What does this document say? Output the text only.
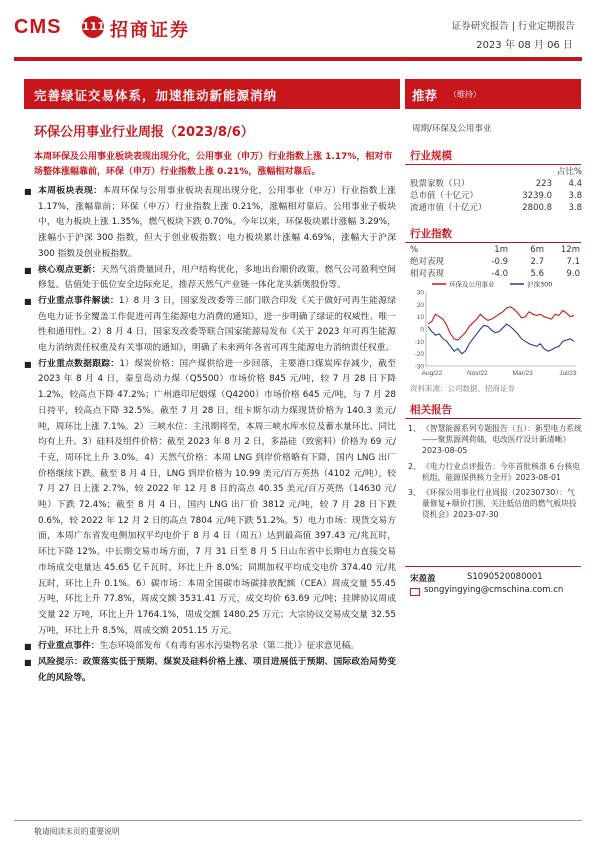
CMS 111 招商证券	证券研究报告 | 行业定期报告
2023 年 08 月 06 日
完善绿证交易体系，加速推动新能源消纳	推荐 （维持）
环保公用事业行业周报（2023/8/6）
本周环保及公用事业板块表现出现分化，公用事业（申万）行业指数上涨 1.17%，相对市场整体涨幅靠前，环保（申万）行业指数上涨 0.21%，涨幅相对靠后。
■ 本周板块表现：本周环保与公用事业板块表现出现分化，公用事业（申万）行业指数上涨 1.17%，涨幅靠前；环保（申万）行业指数上涨 0.21%，涨幅相对靠后。公用事业子板块中，电力板块上涨 1.35%，燃气板块下跌 0.70%。今年以来，环保板块累计涨幅 3.29%，涨幅小于沪深 300 指数，但大于创业板指数；电力板块累计涨幅 4.69%，涨幅大于沪深 300 指数及创业板指数。
■ 核心观点更新：天然气消费量回升，用户结构优化，多地出台顺价政策，燃气公司盈利空间修复。估值处于低位安全边际充足，推荐天然气产业链一体化龙头新奥股份等。
■ 行业重点事件解读：1）8 月 3 日，国家发改委等三部门联合印发《关于做好可再生能源绿色电力证书全覆盖工作促进可再生能源电力消费的通知》，进一步明确了绿证的权威性、唯一性和通用性。2）8 月 4 日，国家发改委等联合国家能源局发布《关于 2023 年可再生能源电力消纳责任权重及有关事项的通知》，明确了未来两年各省可再生能源电力消纳责任权重。
■ 行业重点数据跟踪：1）煤炭价格：国产煤供给进一步回落，主要港口煤炭库存减少，截至 2023 年 8 月 4 日，秦皇岛动力煤（Q5500）市场价格 845 元/吨，较 7 月 28 日下降 1.2%，较高点下降 47.2%；广州港印尼烟煤（Q4200）市场价格 645 元/吨，与 7 月 28 日持平，较高点下降 32.5%。截至 7 月 28 日，纽卡斯尔动力煤现货价格为 140.3 美元/吨，周环比上涨 7.1%。2）三峡水位：主汛期将至，本周三峡水库水位及蓄水量环比、同比均有上升。3）硅料及组件价格：截至 2023 年 8 月 2 日，多晶硅（致密料）价格为 69 元/千克，周环比上升 3.0%。4）天然气价格：本周 LNG 到岸价格略有下降，国内 LNG 出厂价格继续下跌。截至 8 月 4 日，LNG 到岸价格为 10.99 美元/百万英热（4102 元/吨），较 7 月 27 日上涨 2.7%，较 2022 年 12 月 8 日的高点 40.35 美元/百万英热（14630 元/吨）下跌 72.4%；截至 8 月 4 日，国内 LNG 出厂价 3812 元/吨，较 7 月 28 日下跌 0.6%，较 2022 年 12 月 2 日的高点 7804 元/吨下跌 51.2%。5）电力市场：现货交易方面，本周广东省发电侧加权平均电价于 8 月 4 日（周五）达到最高值 397.43 元/兆瓦时，环比下降 12%。中长期交易市场方面，7 月 31 日至 8 月 5 日山东省中长期电力直接交易市场成交电量达 45.65 亿千瓦时，环比上升 8.0%；同期加权平均成交电价 374.40 元/兆瓦时，环比上升 0.1%。6）碳市场：本周全国碳市场碳排放配额（CEA）周成交量 55.45 万吨，环比上升 77.8%，周成交额 3531.41 万元，成交均价 63.69 元/吨；挂牌协议周成交量 22 万吨，环比上升 1764.1%，周成交额 1480.25 万元；大宗协议交易成交量 32.55 万吨，环比上升 8.5%，周成交额 2051.15 万元。
■ 行业重点事件：生态环境部发布《有毒有害水污染物名录（第二批）》征求意见稿。
■ 风险提示：政策落实低于预期、煤炭及硅料价格上涨、项目进展低于预期、国际政治局势变化的风险等。
周期/环保及公用事业
行业规模
		占比%
股票家数（只）	223	4.4
总市值（十亿元）	3239.0	3.8
流通市值（十亿元）	2800.8	3.8
行业指数
%	1m	6m	12m
绝对表现	-0.9	2.7	7.1
相对表现	-4.0	5.6	9.0
-30
-20
-10
0
10
20
30
Aug/22	Nov/22	Mar/23	Jul/23
环保及公用事业	沪深300
资料来源：公司数据、招商证券
相关报告
1、 《智慧能源系列专题报告（五）：新型电力系统——聚焦源网荷储，电改医疗设计新清晰》2023-08-05
2、 《电力行业点评报告：今年首批核准 6 台核电机组，能源保供核力全开》2023-08-01
3、 《环保公用事业行业周报（20230730）：气量修复+顺价打围，关注低估值的燃气板块投资机会》2023-07-30
宋盈盈	S1090520080001
songyingying@cmschina.com.cn
敬请阅读末页的重要说明
